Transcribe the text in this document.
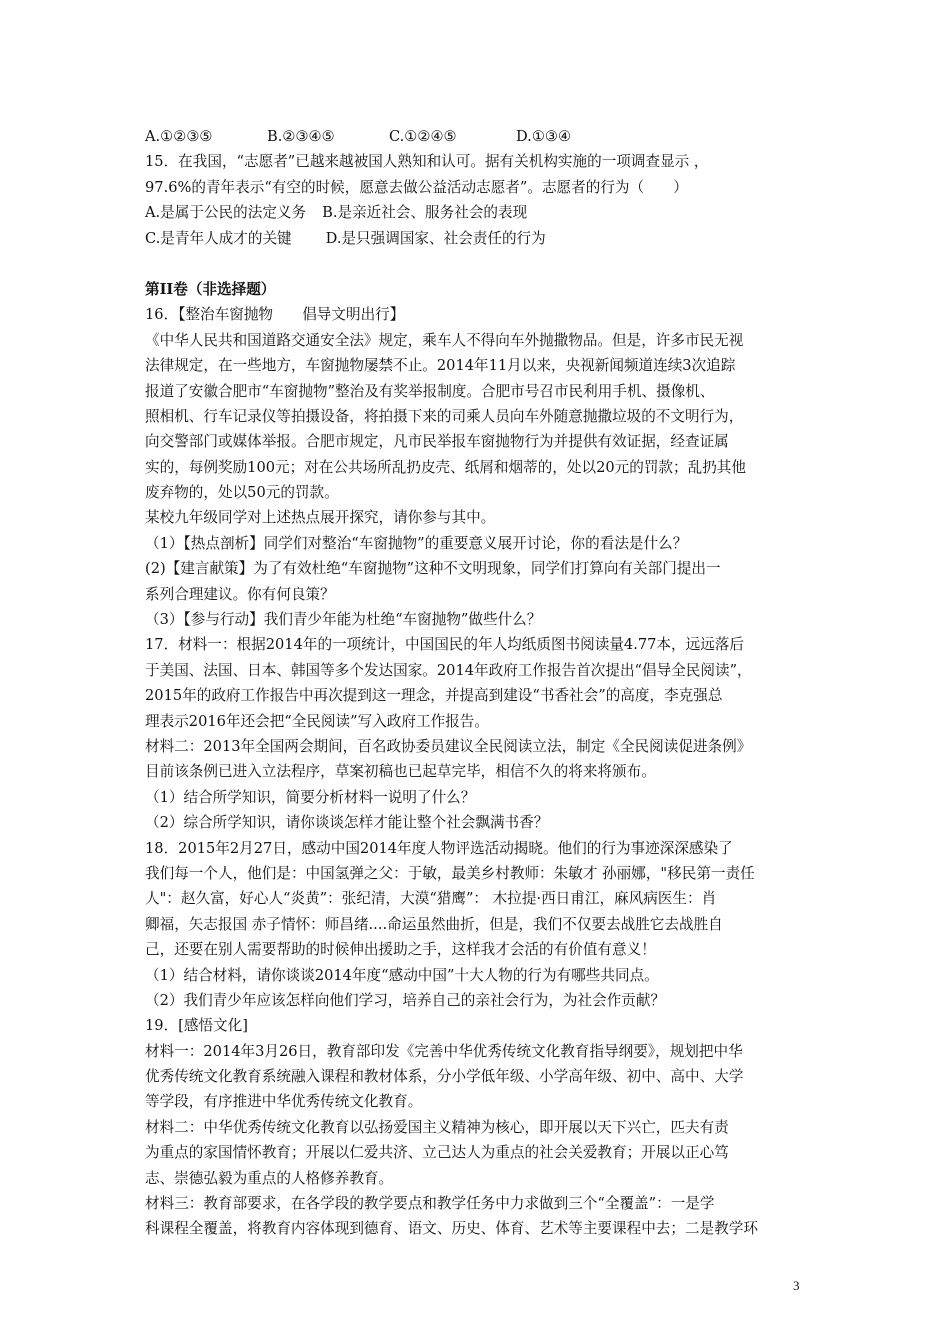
A.①②③⑤	B.②③④⑤	C.①②④⑤	D.①③④
15．在我国，“志愿者”已越来越被国人熟知和认可。据有关机构实施的一项调查显示 ，
97.6%的青年表示“有空的时候，愿意去做公益活动志愿者”。志愿者的行为（　　）
A.是属于公民的法定义务 B.是亲近社会、服务社会的表现
C.是青年人成才的关键 D.是只强调国家、社会责任的行为
第II卷（非选择题）
16．【整治车窗抛物　　倡导文明出行】
《中华人民共和国道路交通安全法》规定，乘车人不得向车外抛撒物品。但是，许多市民无视
法律规定，在一些地方，车窗抛物屡禁不止。2014年11月以来，央视新闻频道连续3次追踪
报道了安徽合肥市“车窗抛物”整治及有奖举报制度。合肥市号召市民利用手机、摄像机、
照相机、行车记录仪等拍摄设备，将拍摄下来的司乘人员向车外随意抛撒垃圾的不文明行为，
向交警部门或媒体举报。合肥市规定，凡市民举报车窗抛物行为并提供有效证据，经查证属
实的，每例奖励100元；对在公共场所乱扔皮壳、纸屑和烟蒂的，处以20元的罚款；乱扔其他
废弃物的，处以50元的罚款。
某校九年级同学对上述热点展开探究，请你参与其中。
（1）【热点剖析】同学们对整治“车窗抛物”的重要意义展开讨论，你的看法是什么？
(2)【建言献策】为了有效杜绝“车窗抛物”这种不文明现象，同学们打算向有关部门提出一
系列合理建议。你有何良策？
（3）【参与行动】我们青少年能为杜绝“车窗抛物”做些什么？
17．材料一：根据2014年的一项统计，中国国民的年人均纸质图书阅读量4.77本，远远落后
于美国、法国、日本、韩国等多个发达国家。2014年政府工作报告首次提出“倡导全民阅读”，
2015年的政府工作报告中再次提到这一理念，并提高到建设“书香社会”的高度，李克强总
理表示2016年还会把“全民阅读”写入政府工作报告。
材料二：2013年全国两会期间，百名政协委员建议全民阅读立法，制定《全民阅读促进条例》
目前该条例已进入立法程序，草案初稿也已起草完毕，相信不久的将来将颁布。
（1）结合所学知识，简要分析材料一说明了什么？
（2）综合所学知识，请你谈谈怎样才能让整个社会飘满书香？
18．2015年2月27日，感动中国2014年度人物评选活动揭晓。他们的行为事迹深深感染了
我们每一个人，他们是：中国氢弹之父：于敏，最美乡村教师：朱敏才 孙丽娜，"移民第一责任
人"：赵久富，好心人“炎黄”：张纪清，大漠“猎鹰”： 木拉提·西日甫江，麻风病医生：肖
卿福，矢志报国 赤子情怀：师昌绪....命运虽然曲折，但是，我们不仅要去战胜它去战胜自
己，还要在别人需要帮助的时候伸出援助之手，这样我才会活的有价值有意义！
（1）结合材料，请你谈谈2014年度“感动中国”十大人物的行为有哪些共同点。
（2）我们青少年应该怎样向他们学习，培养自己的亲社会行为，为社会作贡献？
19．[感悟文化]
材料一：2014年3月26日，教育部印发《完善中华优秀传统文化教育指导纲要》，规划把中华
优秀传统文化教育系统融入课程和教材体系，分小学低年级、小学高年级、初中、高中、大学
等学段，有序推进中华优秀传统文化教育。
材料二：中华优秀传统文化教育以弘扬爱国主义精神为核心，即开展以天下兴亡，匹夫有责
为重点的家国情怀教育；开展以仁爱共济、立己达人为重点的社会关爱教育；开展以正心笃
志、崇德弘毅为重点的人格修养教育。
材料三：教育部要求，在各学段的教学要点和教学任务中力求做到三个“全覆盖”：一是学
科课程全覆盖，将教育内容体现到德育、语文、历史、体育、艺术等主要课程中去；二是教学环
3
